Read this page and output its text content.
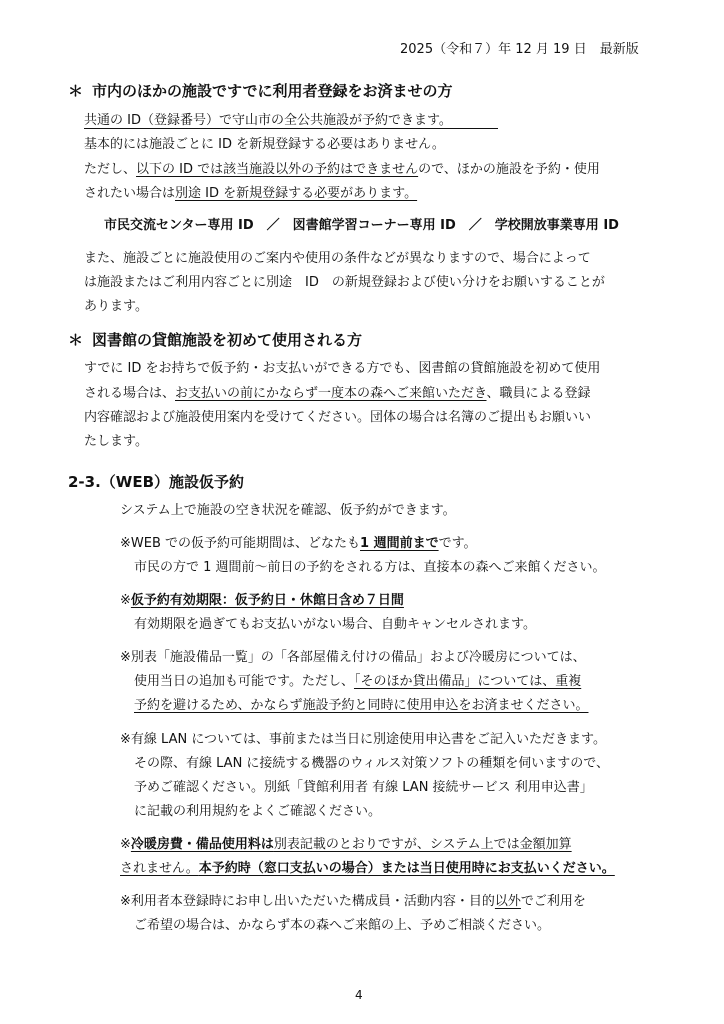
2025（令和７）年 12 月 19 日　最新版
＊ 市内のほかの施設ですでに利用者登録をお済ませの方
共通の ID（登録番号）で守山市の全公共施設が予約できます。
基本的には施設ごとに ID を新規登録する必要はありません。
ただし、以下の ID では該当施設以外の予約はできませんので、ほかの施設を予約・使用
されたい場合は別途 ID を新規登録する必要があります。
市民交流センター専用 ID　／　図書館学習コーナー専用 ID　／　学校開放事業専用 ID
また、施設ごとに施設使用のご案内や使用の条件などが異なりますので、場合によって
は施設またはご利用内容ごとに別途　ID　の新規登録および使い分けをお願いすることが
あります。
＊ 図書館の貸館施設を初めて使用される方
すでに ID をお持ちで仮予約・お支払いができる方でも、図書館の貸館施設を初めて使用
される場合は、お支払いの前にかならず一度本の森へご来館いただき、職員による登録
内容確認および施設使用案内を受けてください。団体の場合は名簿のご提出もお願いい
たします。
2-3.（WEB）施設仮予約
システム上で施設の空き状況を確認、仮予約ができます。
※WEB での仮予約可能期間は、どなたも1 週間前までです。
市民の方で 1 週間前～前日の予約をされる方は、直接本の森へご来館ください。
※仮予約有効期限：仮予約日・休館日含め７日間
有効期限を過ぎてもお支払いがない場合、自動キャンセルされます。
※別表「施設備品一覧」の「各部屋備え付けの備品」および冷暖房については、
使用当日の追加も可能です。ただし、「そのほか貸出備品」については、重複
予約を避けるため、かならず施設予約と同時に使用申込をお済ませください。
※有線 LAN については、事前または当日に別途使用申込書をご記入いただきます。
その際、有線 LAN に接続する機器のウィルス対策ソフトの種類を伺いますので、
予めご確認ください。別紙「貸館利用者 有線 LAN 接続サービス 利用申込書」
に記載の利用規約をよくご確認ください。
※冷暖房費・備品使用料は別表記載のとおりですが、システム上では金額加算
されません。本予約時（窓口支払いの場合）または当日使用時にお支払いください。
※利用者本登録時にお申し出いただいた構成員・活動内容・目的以外でご利用を
ご希望の場合は、かならず本の森へご来館の上、予めご相談ください。
4
